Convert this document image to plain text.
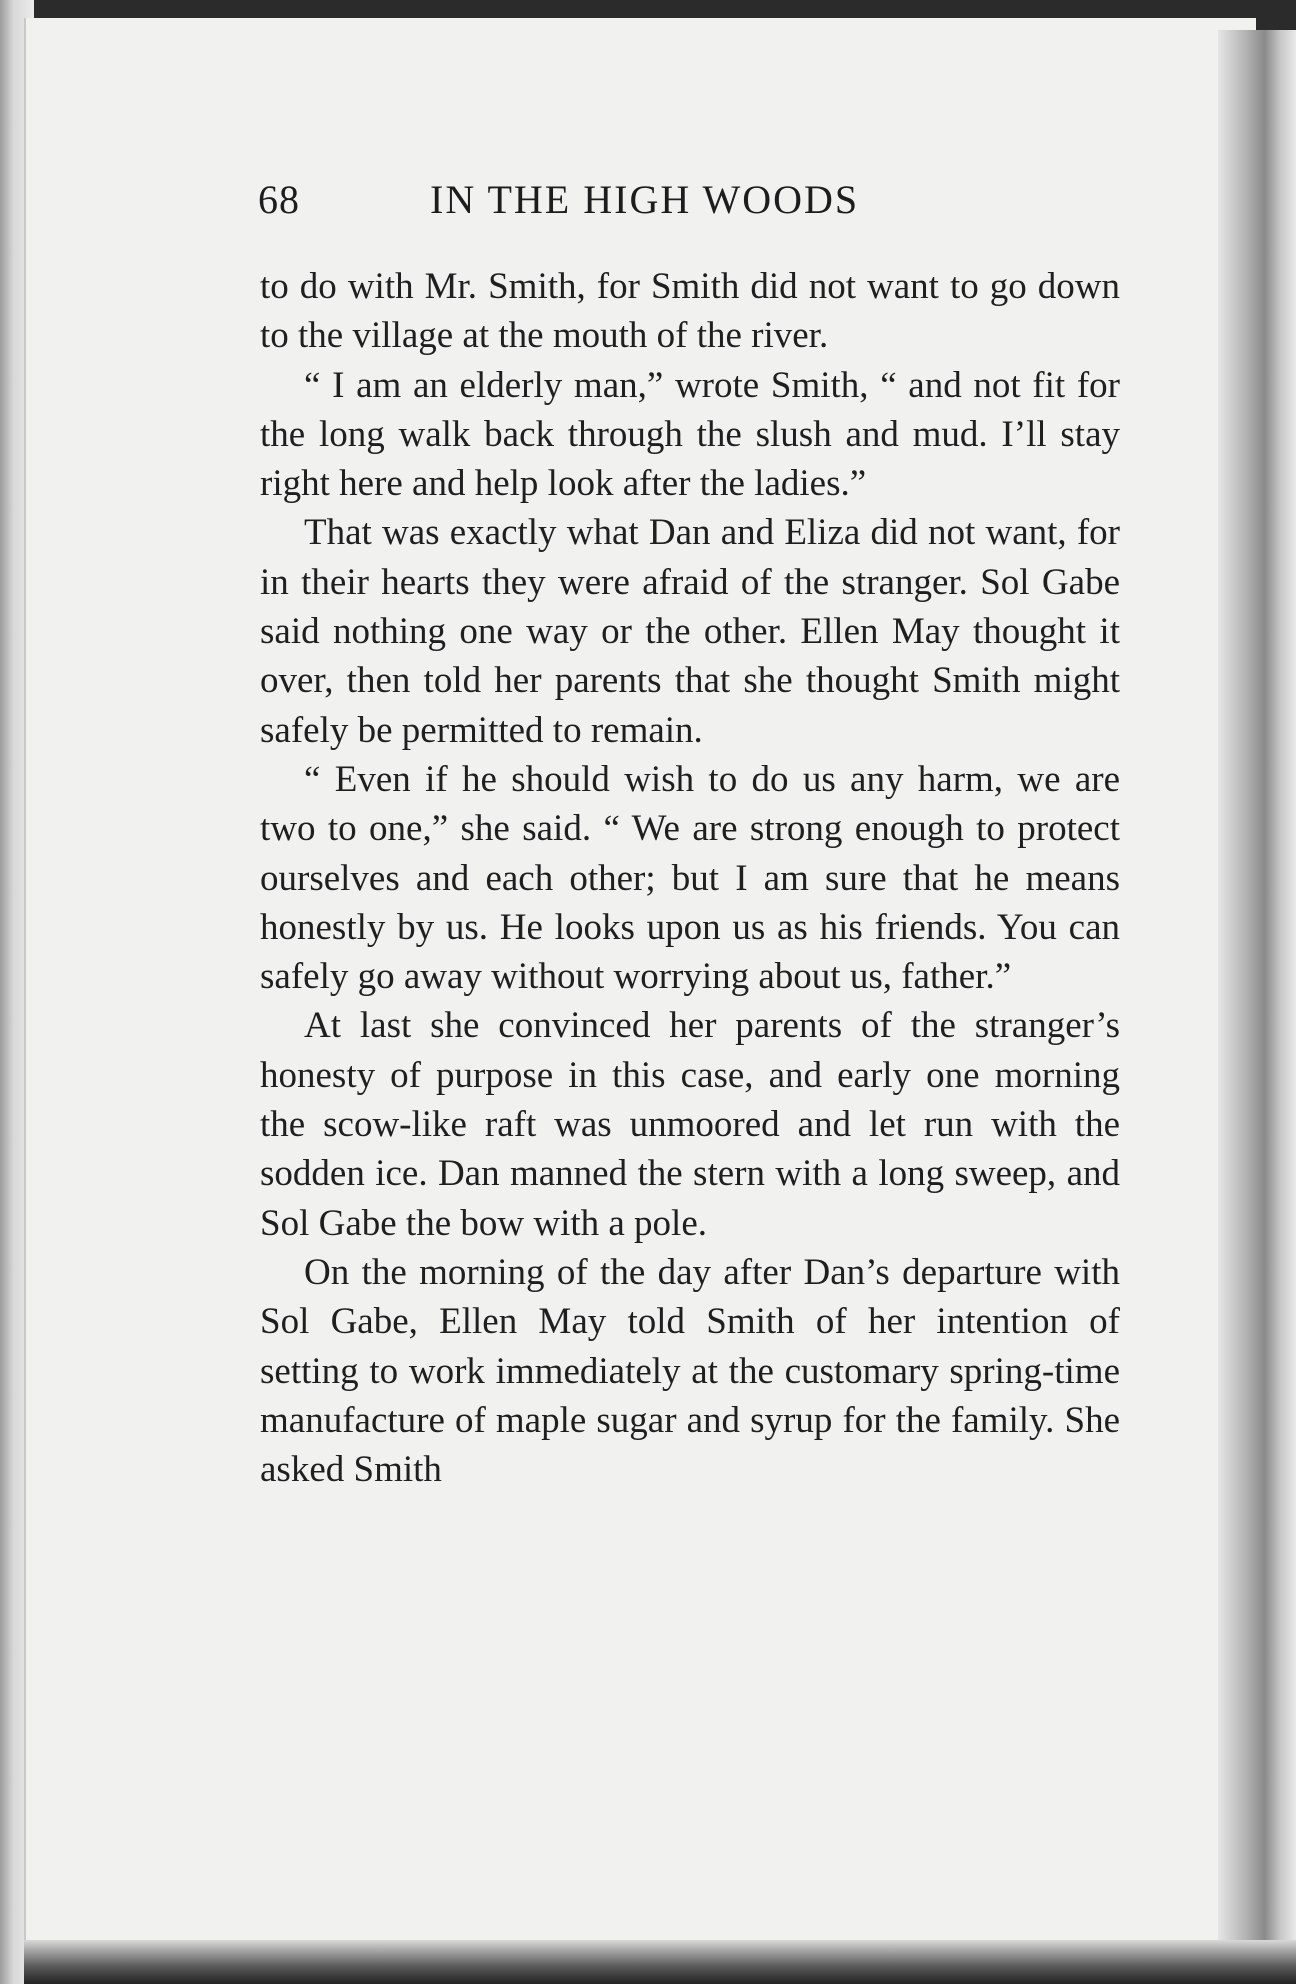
68	IN THE HIGH WOODS

to do with Mr. Smith, for Smith did not want to go down to the village at the mouth of the river.

“ I am an elderly man,” wrote Smith, “ and not fit for the long walk back through the slush and mud. I’ll stay right here and help look after the ladies.”

That was exactly what Dan and Eliza did not want, for in their hearts they were afraid of the stranger. Sol Gabe said nothing one way or the other. Ellen May thought it over, then told her parents that she thought Smith might safely be permitted to remain.

“ Even if he should wish to do us any harm, we are two to one,” she said. “ We are strong enough to protect ourselves and each other; but I am sure that he means honestly by us. He looks upon us as his friends. You can safely go away without worrying about us, father.”

At last she convinced her parents of the stranger’s honesty of purpose in this case, and early one morning the scow-like raft was unmoored and let run with the sodden ice. Dan manned the stern with a long sweep, and Sol Gabe the bow with a pole.

On the morning of the day after Dan’s departure with Sol Gabe, Ellen May told Smith of her intention of setting to work immediately at the customary spring-time manufacture of maple sugar and syrup for the family. She asked Smith
